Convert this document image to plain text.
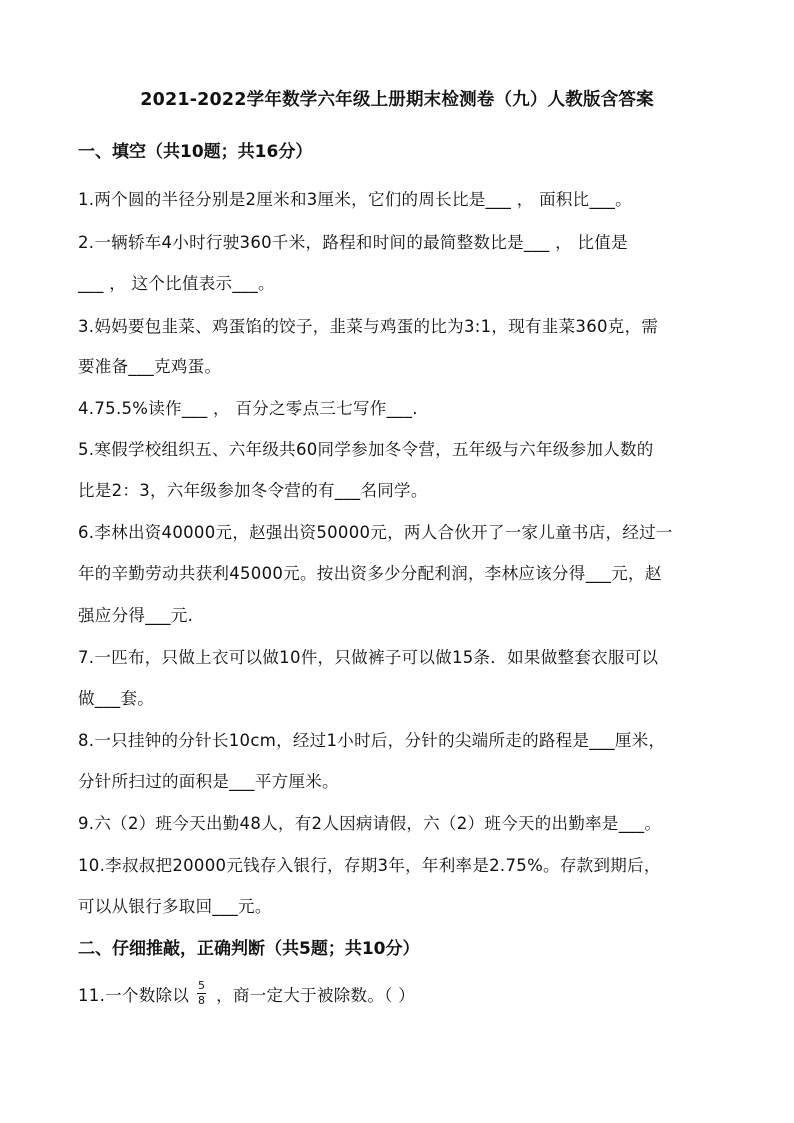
2021-2022学年数学六年级上册期末检测卷（九）人教版含答案
一、填空（共10题；共16分）
1.两个圆的半径分别是2厘米和3厘米，它们的周长比是___ ， 面积比___。
2.一辆轿车4小时行驶360千米，路程和时间的最简整数比是___ ， 比值是
___ ， 这个比值表示___。
3.妈妈要包韭菜、鸡蛋馅的饺子，韭菜与鸡蛋的比为3:1，现有韭菜360克，需
要准备___克鸡蛋。
4.75.5%读作___ ， 百分之零点三七写作___.
5.寒假学校组织五、六年级共60同学参加冬令营，五年级与六年级参加人数的
比是2：3，六年级参加冬令营的有___名同学。
6.李林出资40000元，赵强出资50000元，两人合伙开了一家儿童书店，经过一
年的辛勤劳动共获利45000元。按出资多少分配利润，李林应该分得___元，赵
强应分得___元.
7.一匹布，只做上衣可以做10件，只做裤子可以做15条．如果做整套衣服可以
做___套。
8.一只挂钟的分针长10cm，经过1小时后，分针的尖端所走的路程是___厘米，
分针所扫过的面积是___平方厘米。
9.六（2）班今天出勤48人，有2人因病请假，六（2）班今天的出勤率是___。
10.李叔叔把20000元钱存入银行，存期3年，年利率是2.75%。存款到期后，
可以从银行多取回___元。
二、仔细推敲，正确判断（共5题；共10分）
11.一个数除以 $\frac{5}{8}$ ，商一定大于被除数。（ ）
